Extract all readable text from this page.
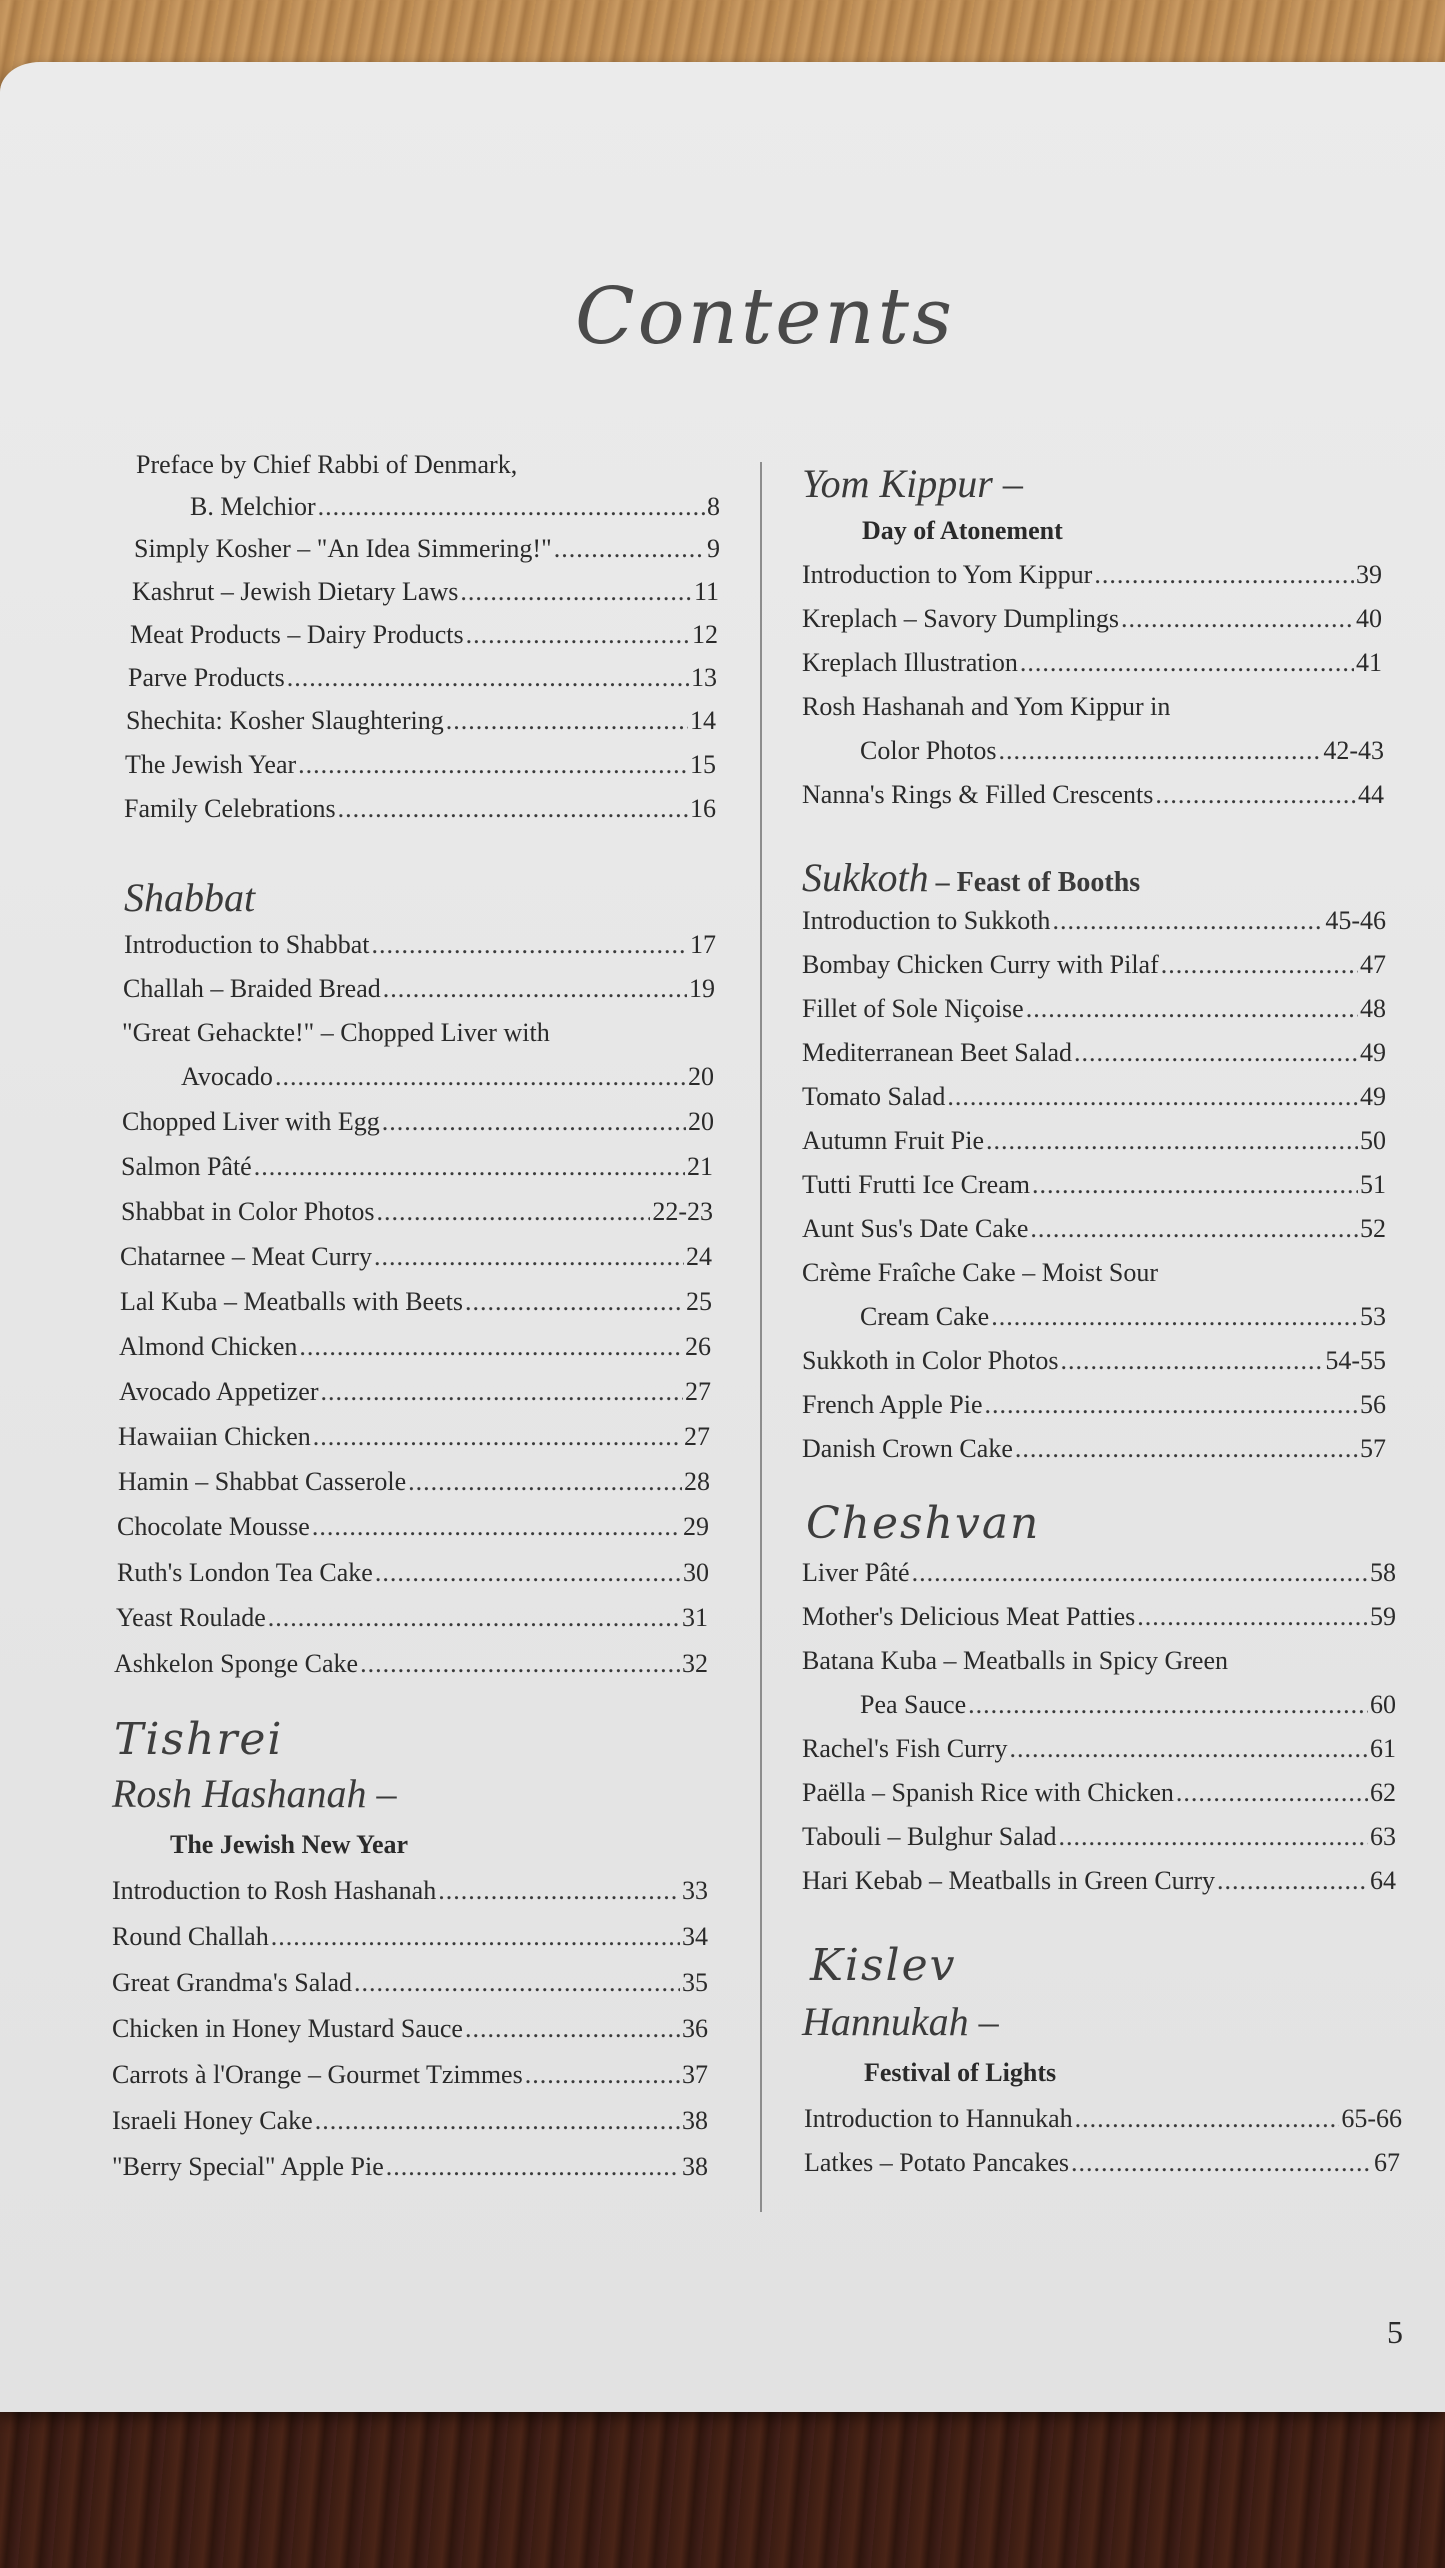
Contents
Preface by Chief Rabbi of Denmark,
B. Melchior .....	8
Simply Kosher – "An Idea Simmering!" .....	9
Kashrut – Jewish Dietary Laws .....	11
Meat Products – Dairy Products .....	12
Parve Products .....	13
Shechita: Kosher Slaughtering .....	14
The Jewish Year .....	15
Family Celebrations .....	16
Shabbat
Introduction to Shabbat .....	17
Challah – Braided Bread .....	19
"Great Gehackte!" – Chopped Liver with
Avocado .....	20
Chopped Liver with Egg .....	20
Salmon Pâté .....	21
Shabbat in Color Photos .....	22-23
Chatarnee – Meat Curry .....	24
Lal Kuba – Meatballs with Beets .....	25
Almond Chicken .....	26
Avocado Appetizer .....	27
Hawaiian Chicken .....	27
Hamin – Shabbat Casserole .....	28
Chocolate Mousse .....	29
Ruth's London Tea Cake .....	30
Yeast Roulade .....	31
Ashkelon Sponge Cake .....	32
Tishrei
Rosh Hashanah –
The Jewish New Year
Introduction to Rosh Hashanah .....	33
Round Challah .....	34
Great Grandma's Salad .....	35
Chicken in Honey Mustard Sauce .....	36
Carrots à l'Orange – Gourmet Tzimmes .....	37
Israeli Honey Cake .....	38
"Berry Special" Apple Pie .....	38
Yom Kippur –
Day of Atonement
Introduction to Yom Kippur .....	39
Kreplach – Savory Dumplings .....	40
Kreplach Illustration .....	41
Rosh Hashanah and Yom Kippur in
Color Photos .....	42-43
Nanna's Rings & Filled Crescents .....	44
Sukkoth – Feast of Booths
Introduction to Sukkoth .....	45-46
Bombay Chicken Curry with Pilaf .....	47
Fillet of Sole Niçoise .....	48
Mediterranean Beet Salad .....	49
Tomato Salad .....	49
Autumn Fruit Pie .....	50
Tutti Frutti Ice Cream .....	51
Aunt Sus's Date Cake .....	52
Crème Fraîche Cake – Moist Sour
Cream Cake .....	53
Sukkoth in Color Photos .....	54-55
French Apple Pie .....	56
Danish Crown Cake .....	57
Cheshvan
Liver Pâté .....	58
Mother's Delicious Meat Patties .....	59
Batana Kuba – Meatballs in Spicy Green
Pea Sauce .....	60
Rachel's Fish Curry .....	61
Paëlla – Spanish Rice with Chicken .....	62
Tabouli – Bulghur Salad .....	63
Hari Kebab – Meatballs in Green Curry .....	64
Kislev
Hannukah –
Festival of Lights
Introduction to Hannukah .....	65-66
Latkes – Potato Pancakes .....	67
5
